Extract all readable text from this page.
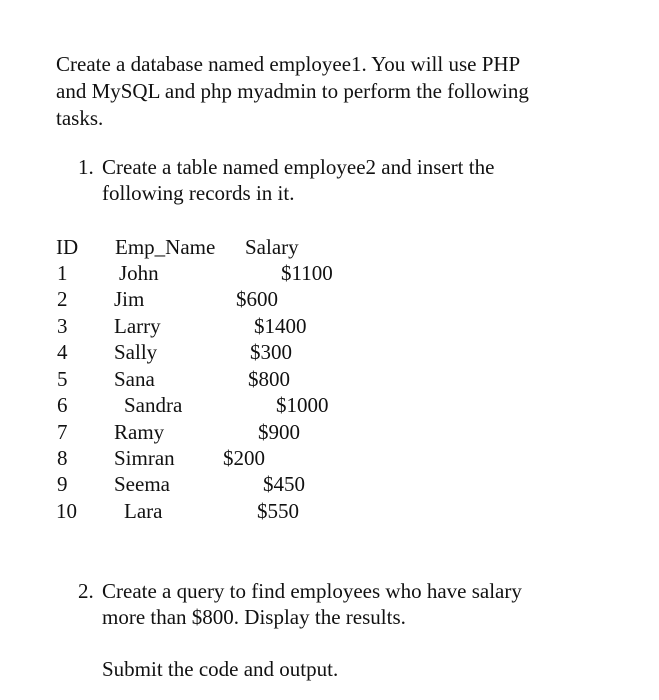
Create a database named employee1. You will use PHP
and MySQL and php myadmin to perform the following
tasks.
1. Create a table named employee2 and insert the
following records in it.
ID Emp_Name Salary
1 John	$1100
2 Jim	$600
3 Larry	$1400
4 Sally	$300
5 Sana	$800
6	Sandra	$1000
7 Ramy	$900
8 Simran $200
9 Seema	$450
10 Lara	$550
2. Create a query to find employees who have salary
more than $800. Display the results.
Submit the code and output.
